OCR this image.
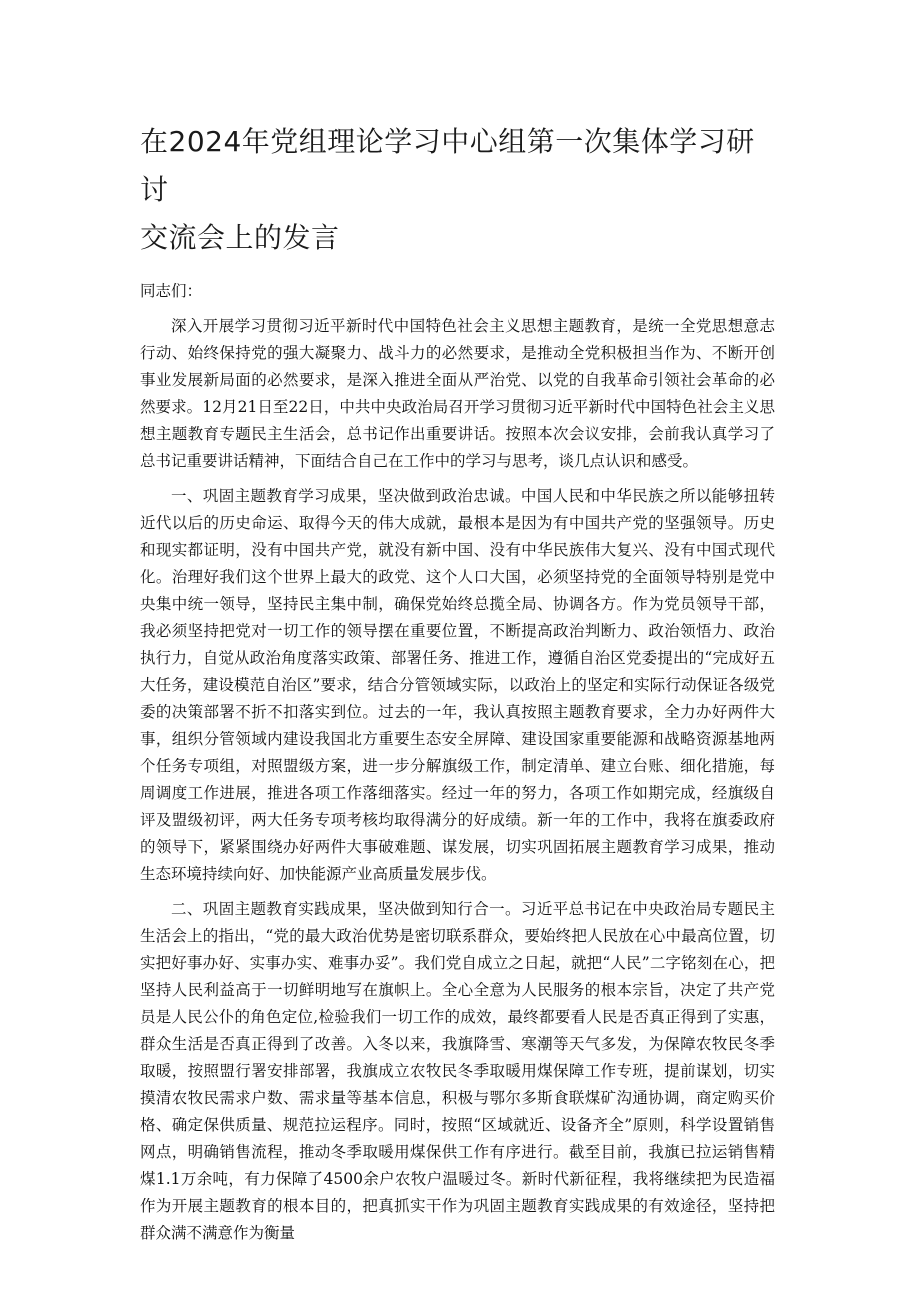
在2024年党组理论学习中心组第一次集体学习研讨
交流会上的发言

同志们：

深入开展学习贯彻习近平新时代中国特色社会主义思想主题教育，是统一全党思想意志行动、始终保持党的强大凝聚力、战斗力的必然要求，是推动全党积极担当作为、不断开创事业发展新局面的必然要求，是深入推进全面从严治党、以党的自我革命引领社会革命的必然要求。12月21日至22日，中共中央政治局召开学习贯彻习近平新时代中国特色社会主义思想主题教育专题民主生活会，总书记作出重要讲话。按照本次会议安排，会前我认真学习了总书记重要讲话精神，下面结合自己在工作中的学习与思考，谈几点认识和感受。

一、巩固主题教育学习成果，坚决做到政治忠诚。中国人民和中华民族之所以能够扭转近代以后的历史命运、取得今天的伟大成就，最根本是因为有中国共产党的坚强领导。历史和现实都证明，没有中国共产党，就没有新中国、没有中华民族伟大复兴、没有中国式现代化。治理好我们这个世界上最大的政党、这个人口大国，必须坚持党的全面领导特别是党中央集中统一领导，坚持民主集中制，确保党始终总揽全局、协调各方。作为党员领导干部，我必须坚持把党对一切工作的领导摆在重要位置，不断提高政治判断力、政治领悟力、政治执行力，自觉从政治角度落实政策、部署任务、推进工作，遵循自治区党委提出的“完成好五大任务，建设模范自治区”要求，结合分管领域实际，以政治上的坚定和实际行动保证各级党委的决策部署不折不扣落实到位。过去的一年，我认真按照主题教育要求，全力办好两件大事，组织分管领域内建设我国北方重要生态安全屏障、建设国家重要能源和战略资源基地两个任务专项组，对照盟级方案，进一步分解旗级工作，制定清单、建立台账、细化措施，每周调度工作进展，推进各项工作落细落实。经过一年的努力，各项工作如期完成，经旗级自评及盟级初评，两大任务专项考核均取得满分的好成绩。新一年的工作中，我将在旗委政府的领导下，紧紧围绕办好两件大事破难题、谋发展，切实巩固拓展主题教育学习成果，推动生态环境持续向好、加快能源产业高质量发展步伐。

二、巩固主题教育实践成果，坚决做到知行合一。习近平总书记在中央政治局专题民主生活会上的指出，“党的最大政治优势是密切联系群众，要始终把人民放在心中最高位置，切实把好事办好、实事办实、难事办妥”。我们党自成立之日起，就把“人民”二字铭刻在心，把坚持人民利益高于一切鲜明地写在旗帜上。全心全意为人民服务的根本宗旨，决定了共产党员是人民公仆的角色定位,检验我们一切工作的成效，最终都要看人民是否真正得到了实惠，群众生活是否真正得到了改善。入冬以来，我旗降雪、寒潮等天气多发，为保障农牧民冬季取暖，按照盟行署安排部署，我旗成立农牧民冬季取暖用煤保障工作专班，提前谋划，切实摸清农牧民需求户数、需求量等基本信息，积极与鄂尔多斯食联煤矿沟通协调，商定购买价格、确定保供质量、规范拉运程序。同时，按照“区域就近、设备齐全”原则，科学设置销售网点，明确销售流程，推动冬季取暖用煤保供工作有序进行。截至目前，我旗已拉运销售精煤1.1万余吨，有力保障了4500余户农牧户温暖过冬。新时代新征程，我将继续把为民造福作为开展主题教育的根本目的，把真抓实干作为巩固主题教育实践成果的有效途径，坚持把群众满不满意作为衡量
